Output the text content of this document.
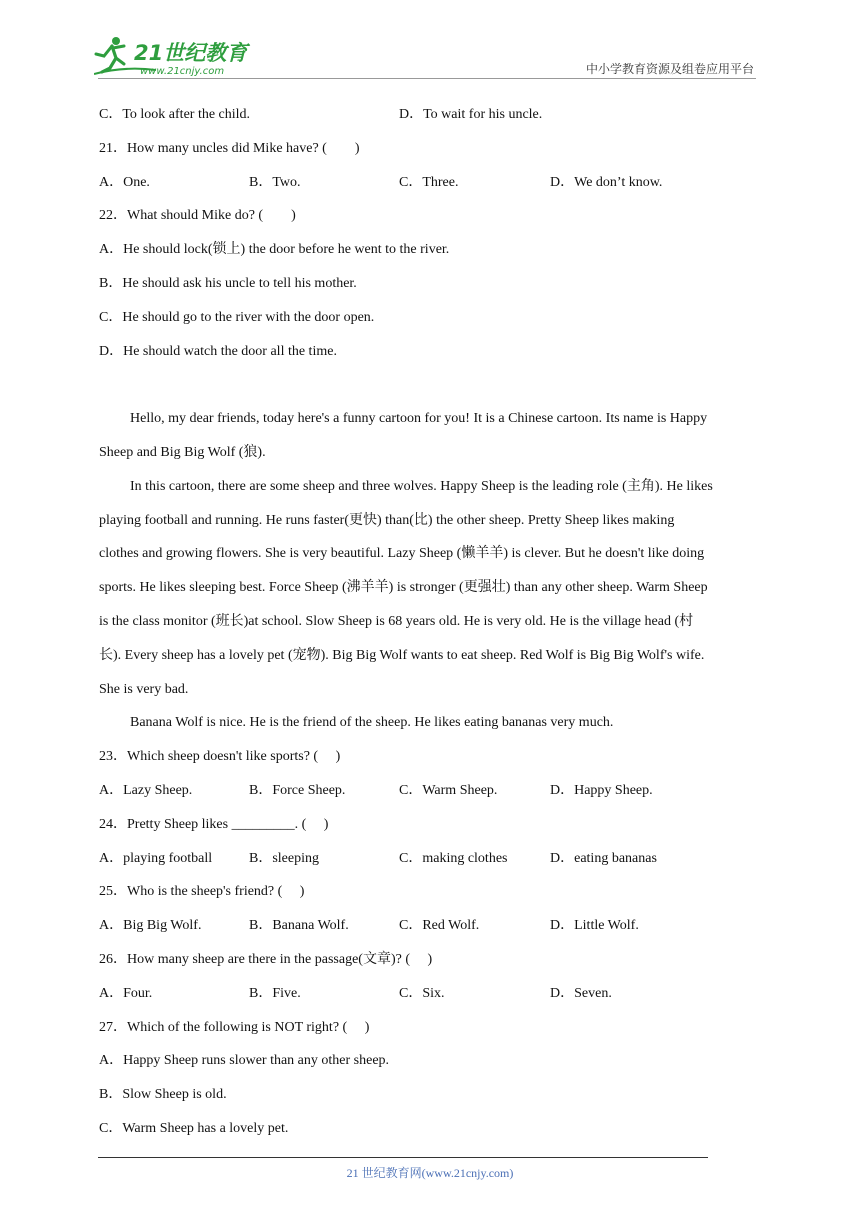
21世纪教育
www.21cnjy.com	中小学教育资源及组卷应用平台
C．To look after the child.	D．To wait for his uncle.
21．How many uncles did Mike have? (　　)
A．One.	B．Two.	C．Three.	D．We don’t know.
22．What should Mike do? (　　)
A．He should lock(锁上) the door before he went to the river.
B．He should ask his uncle to tell his mother.
C．He should go to the river with the door open.
D．He should watch the door all the time.
Hello, my dear friends, today here's a funny cartoon for you! It is a Chinese cartoon. Its name is Happy
Sheep and Big Big Wolf (狼).
In this cartoon, there are some sheep and three wolves. Happy Sheep is the leading role (主角). He likes
playing football and running. He runs faster(更快) than(比) the other sheep. Pretty Sheep likes making
clothes and growing flowers. She is very beautiful. Lazy Sheep (懒羊羊) is clever. But he doesn't like doing
sports. He likes sleeping best. Force Sheep (沸羊羊) is stronger (更强壮) than any other sheep. Warm Sheep
is the class monitor (班长)at school. Slow Sheep is 68 years old. He is very old. He is the village head (村
长). Every sheep has a lovely pet (宠物). Big Big Wolf wants to eat sheep. Red Wolf is Big Big Wolf's wife.
She is very bad.
Banana Wolf is nice. He is the friend of the sheep. He likes eating bananas very much.
23．Which sheep doesn't like sports? (　 )
A．Lazy Sheep.	B．Force Sheep.	C．Warm Sheep.	D．Happy Sheep.
24．Pretty Sheep likes _________. (　 )
A．playing football	B．sleeping	C．making clothes	D．eating bananas
25．Who is the sheep's friend? (　 )
A．Big Big Wolf.	B．Banana Wolf.	C．Red Wolf.	D．Little Wolf.
26．How many sheep are there in the passage(文章)? (　 )
A．Four.	B．Five.	C．Six.	D．Seven.
27．Which of the following is NOT right? (　 )
A．Happy Sheep runs slower than any other sheep.
B．Slow Sheep is old.
C．Warm Sheep has a lovely pet.
21 世纪教育网(www.21cnjy.com)
